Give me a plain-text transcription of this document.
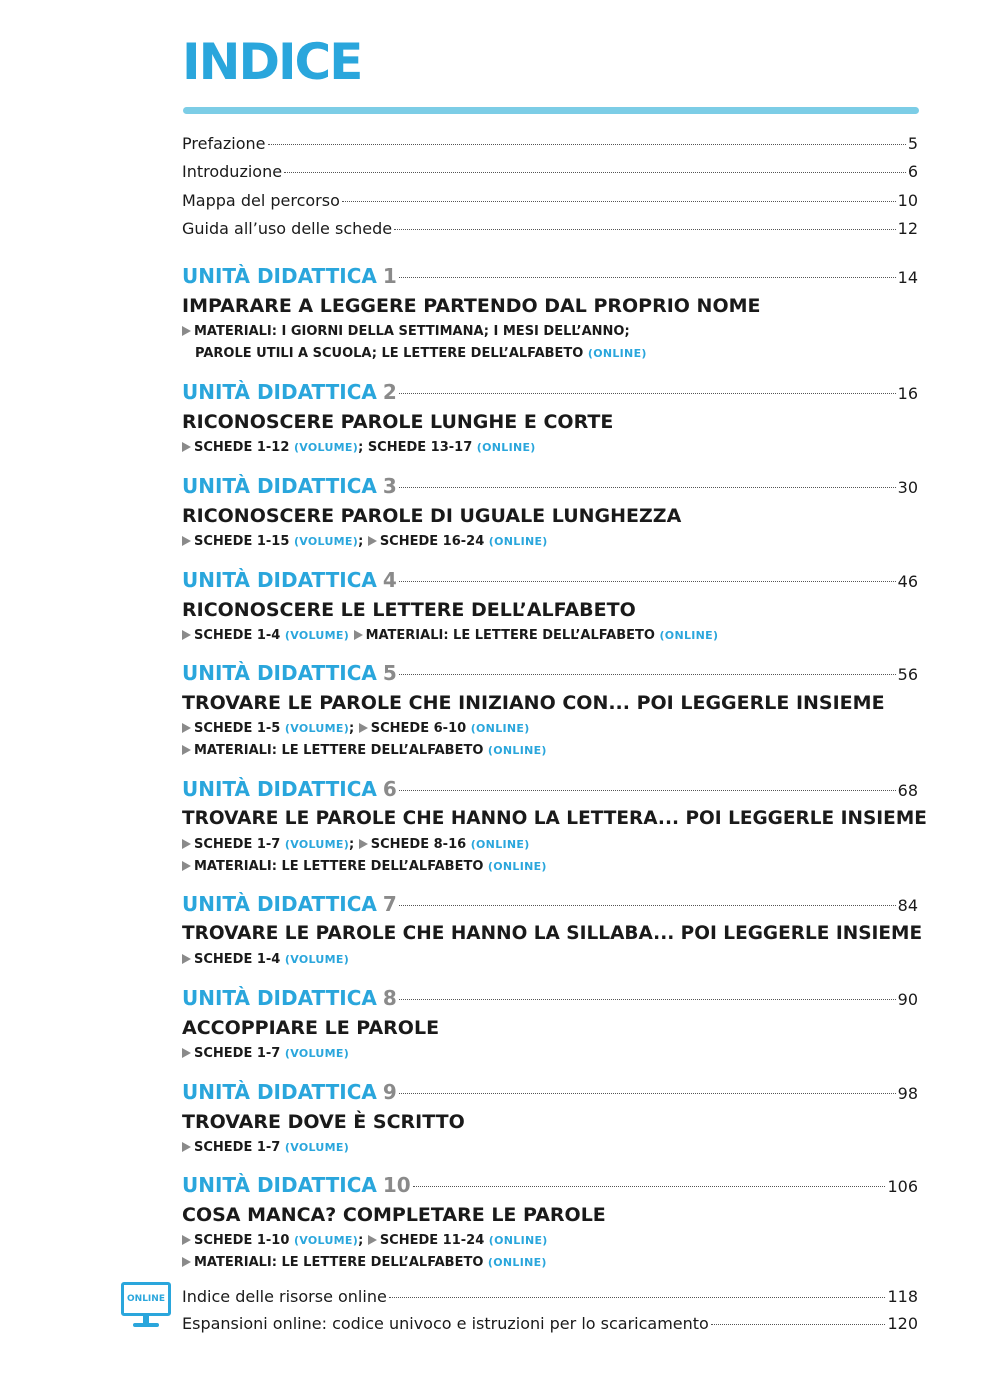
INDICE
Prefazione	5
Introduzione	6
Mappa del percorso	10
Guida all’uso delle schede	12
UNITÀ DIDATTICA 1	14
IMPARARE A LEGGERE PARTENDO DAL PROPRIO NOME
MATERIALI: I GIORNI DELLA SETTIMANA; I MESI DELL’ANNO;
PAROLE UTILI A SCUOLA; LE LETTERE DELL’ALFABETO (ONLINE)
UNITÀ DIDATTICA 2	16
RICONOSCERE PAROLE LUNGHE E CORTE
SCHEDE 1-12 (VOLUME); SCHEDE 13-17 (ONLINE)
UNITÀ DIDATTICA 3	30
RICONOSCERE PAROLE DI UGUALE LUNGHEZZA
SCHEDE 1-15 (VOLUME); SCHEDE 16-24 (ONLINE)
UNITÀ DIDATTICA 4	46
RICONOSCERE LE LETTERE DELL’ALFABETO
SCHEDE 1-4 (VOLUME) MATERIALI: LE LETTERE DELL’ALFABETO (ONLINE)
UNITÀ DIDATTICA 5	56
TROVARE LE PAROLE CHE INIZIANO CON... POI LEGGERLE INSIEME
SCHEDE 1-5 (VOLUME); SCHEDE 6-10 (ONLINE)
MATERIALI: LE LETTERE DELL’ALFABETO (ONLINE)
UNITÀ DIDATTICA 6	68
TROVARE LE PAROLE CHE HANNO LA LETTERA... POI LEGGERLE INSIEME
SCHEDE 1-7 (VOLUME); SCHEDE 8-16 (ONLINE)
MATERIALI: LE LETTERE DELL’ALFABETO (ONLINE)
UNITÀ DIDATTICA 7	84
TROVARE LE PAROLE CHE HANNO LA SILLABA... POI LEGGERLE INSIEME
SCHEDE 1-4 (VOLUME)
UNITÀ DIDATTICA 8	90
ACCOPPIARE LE PAROLE
SCHEDE 1-7 (VOLUME)
UNITÀ DIDATTICA 9	98
TROVARE DOVE È SCRITTO
SCHEDE 1-7 (VOLUME)
UNITÀ DIDATTICA 10	106
COSA MANCA? COMPLETARE LE PAROLE
SCHEDE 1-10 (VOLUME); SCHEDE 11-24 (ONLINE)
MATERIALI: LE LETTERE DELL’ALFABETO (ONLINE)
ONLINE	Indice delle risorse online	118
Espansioni online: codice univoco e istruzioni per lo scaricamento	120
